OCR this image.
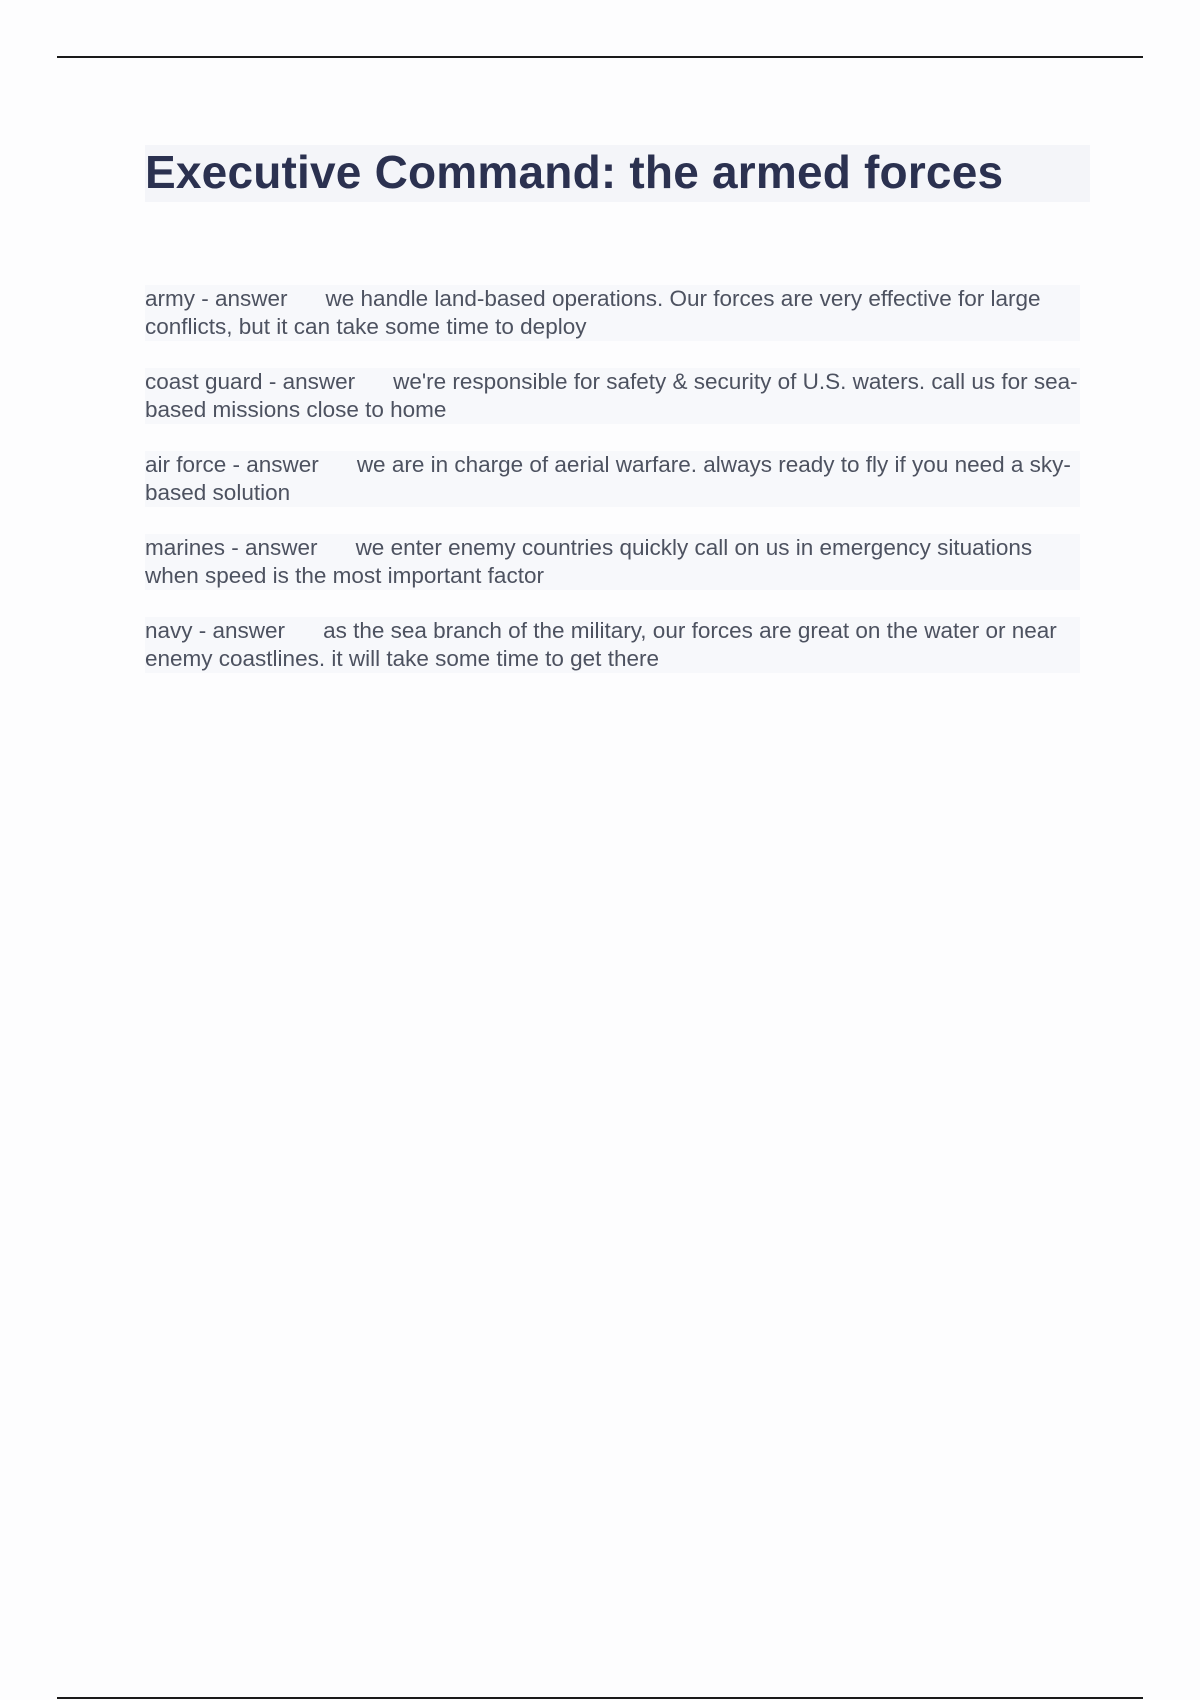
Executive Command: the armed forces
army - answer we handle land-based operations. Our forces are very effective for large conflicts, but it can take some time to deploy
coast guard - answer we're responsible for safety & security of U.S. waters. call us for sea-based missions close to home
air force - answer we are in charge of aerial warfare. always ready to fly if you need a sky-based solution
marines - answer we enter enemy countries quickly call on us in emergency situations when speed is the most important factor
navy - answer as the sea branch of the military, our forces are great on the water or near enemy coastlines. it will take some time to get there
